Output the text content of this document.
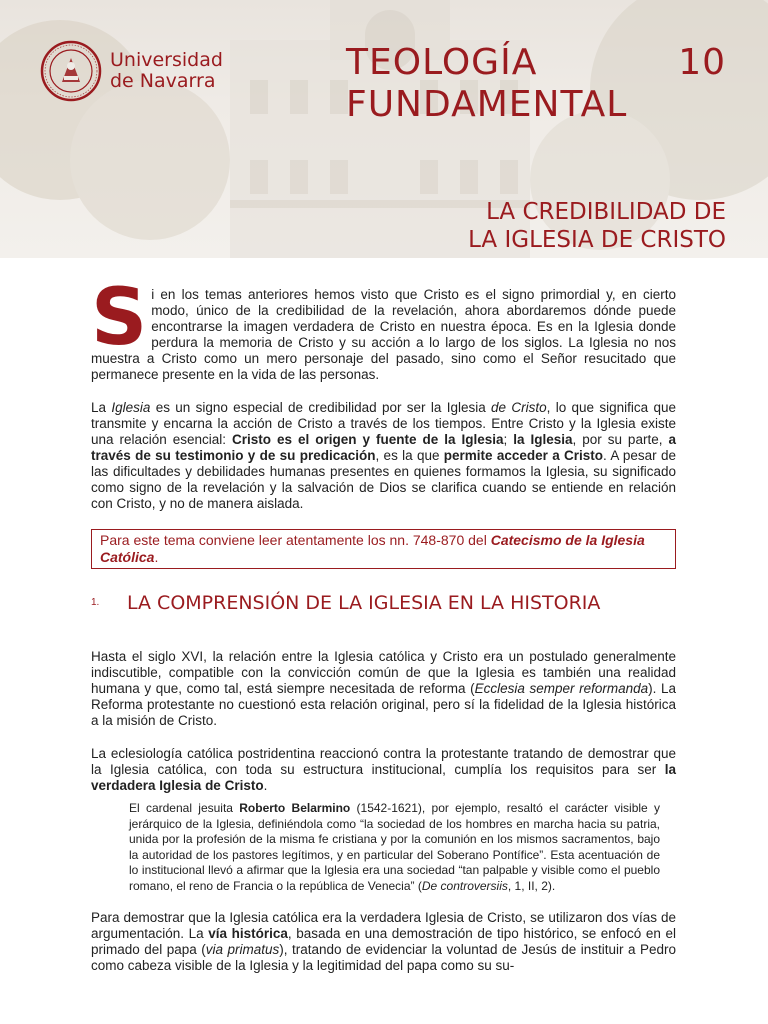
Universidad
de Navarra	TEOLOGÍA	10
FUNDAMENTAL
LA CREDIBILIDAD DE
LA IGLESIA DE CRISTO

Si en los temas anteriores hemos visto que Cristo es el signo primordial y, en cierto modo, único de la credibilidad de la revelación, ahora abordaremos dónde puede encontrarse la imagen verdadera de Cristo en nuestra época. Es en la Iglesia donde perdura la memoria de Cristo y su acción a lo largo de los siglos. La Iglesia no nos muestra a Cristo como un mero personaje del pasado, sino como el Señor resucitado que permanece presente en la vida de las personas.

La Iglesia es un signo especial de credibilidad por ser la Iglesia de Cristo, lo que significa que transmite y encarna la acción de Cristo a través de los tiempos. Entre Cristo y la Iglesia existe una relación esencial: Cristo es el origen y fuente de la Iglesia; la Iglesia, por su parte, a través de su testimonio y de su predicación, es la que permite acceder a Cristo. A pesar de las dificultades y debilidades humanas presentes en quienes formamos la Iglesia, su significado como signo de la revelación y la salvación de Dios se clarifica cuando se entiende en relación con Cristo, y no de manera aislada.

Para este tema conviene leer atentamente los nn. 748-870 del Catecismo de la Iglesia Católica.
1.	LA COMPRENSIÓN DE LA IGLESIA EN LA HISTORIA

Hasta el siglo XVI, la relación entre la Iglesia católica y Cristo era un postulado generalmente indiscutible, compatible con la convicción común de que la Iglesia es también una realidad humana y que, como tal, está siempre necesitada de reforma (Ecclesia semper reformanda). La Reforma protestante no cuestionó esta relación original, pero sí la fidelidad de la Iglesia histórica a la misión de Cristo.

La eclesiología católica postridentina reaccionó contra la protestante tratando de demostrar que la Iglesia católica, con toda su estructura institucional, cumplía los requisitos para ser la verdadera Iglesia de Cristo.

El cardenal jesuita Roberto Belarmino (1542-1621), por ejemplo, resaltó el carácter visible y jerárquico de la Iglesia, definiéndola como “la sociedad de los hombres en marcha hacia su patria, unida por la profesión de la misma fe cristiana y por la comunión en los mismos sacramentos, bajo la autoridad de los pastores legítimos, y en particular del Soberano Pontífice”. Esta acentuación de lo institucional llevó a afirmar que la Iglesia era una sociedad “tan palpable y visible como el pueblo romano, el reno de Francia o la república de Venecia” (De controversiis, 1, II, 2).

Para demostrar que la Iglesia católica era la verdadera Iglesia de Cristo, se utilizaron dos vías de argumentación. La vía histórica, basada en una demostración de tipo histórico, se enfocó en el primado del papa (via primatus), tratando de evidenciar la voluntad de Jesús de instituir a Pedro como cabeza visible de la Iglesia y la legitimidad del papa como su su-
